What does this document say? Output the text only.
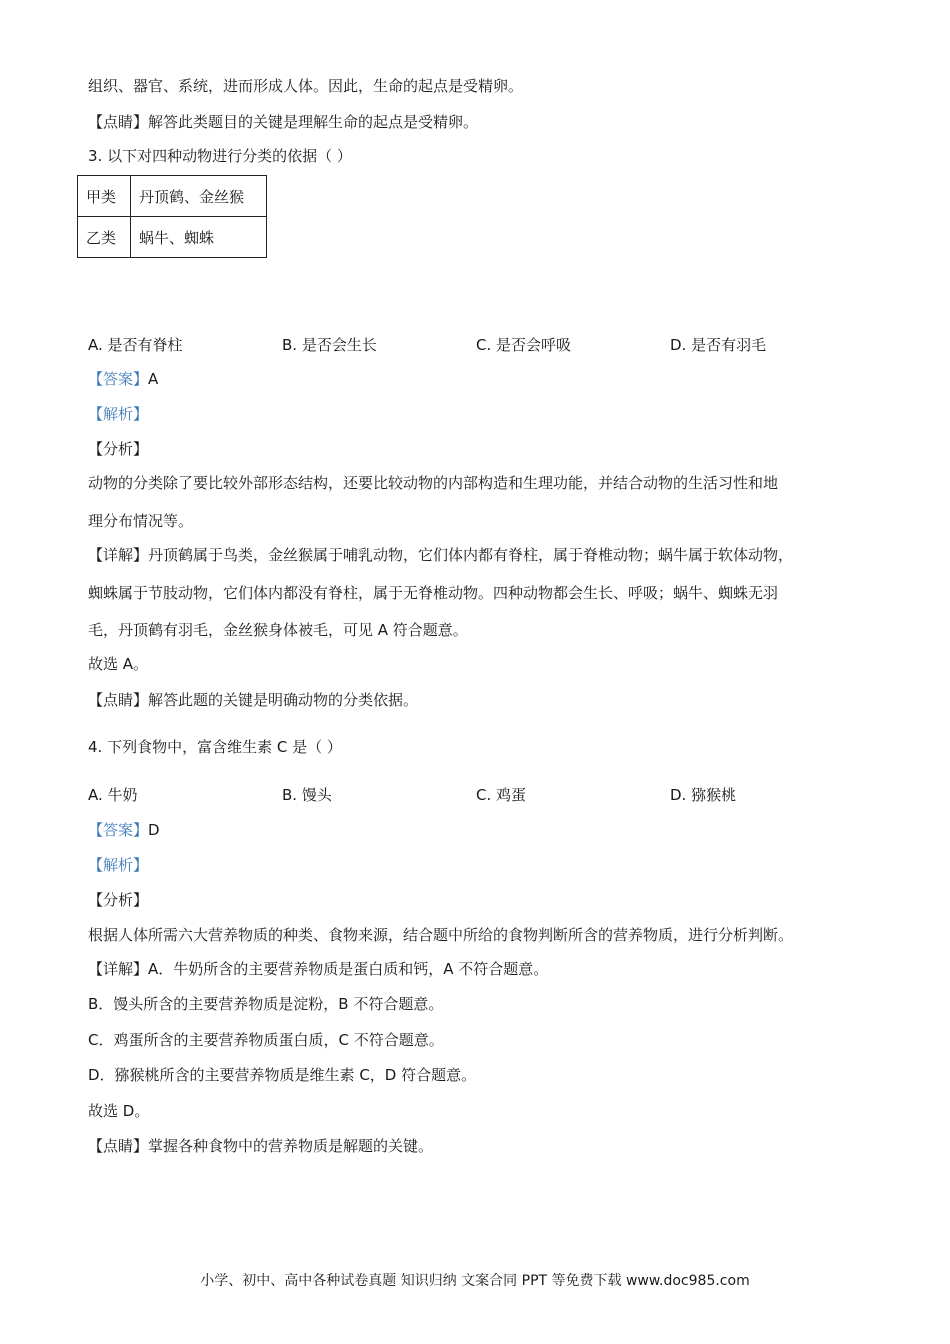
组织、器官、系统，进而形成人体。因此，生命的起点是受精卵。
【点睛】解答此类题目的关键是理解生命的起点是受精卵。
3. 以下对四种动物进行分类的依据（ ）
甲类	丹顶鹤、金丝猴
乙类	蜗牛、蜘蛛
A. 是否有脊柱	B. 是否会生长	C. 是否会呼吸	D. 是否有羽毛
【答案】A
【解析】
【分析】
动物的分类除了要比较外部形态结构，还要比较动物的内部构造和生理功能，并结合动物的生活习性和地
理分布情况等。
【详解】丹顶鹤属于鸟类，金丝猴属于哺乳动物，它们体内都有脊柱，属于脊椎动物；蜗牛属于软体动物，
蜘蛛属于节肢动物，它们体内都没有脊柱，属于无脊椎动物。四种动物都会生长、呼吸；蜗牛、蜘蛛无羽
毛，丹顶鹤有羽毛，金丝猴身体被毛，可见 A 符合题意。
故选 A。
【点睛】解答此题的关键是明确动物的分类依据。
4. 下列食物中，富含维生素 C 是（ ）
A. 牛奶	B. 馒头	C. 鸡蛋	D. 猕猴桃
【答案】D
【解析】
【分析】
根据人体所需六大营养物质的种类、食物来源，结合题中所给的食物判断所含的营养物质，进行分析判断。
【详解】A．牛奶所含的主要营养物质是蛋白质和钙，A 不符合题意。
B．馒头所含的主要营养物质是淀粉，B 不符合题意。
C．鸡蛋所含的主要营养物质蛋白质，C 不符合题意。
D．猕猴桃所含的主要营养物质是维生素 C，D 符合题意。
故选 D。
【点睛】掌握各种食物中的营养物质是解题的关键。
小学、初中、高中各种试卷真题 知识归纳 文案合同 PPT 等免费下载 www.doc985.com
